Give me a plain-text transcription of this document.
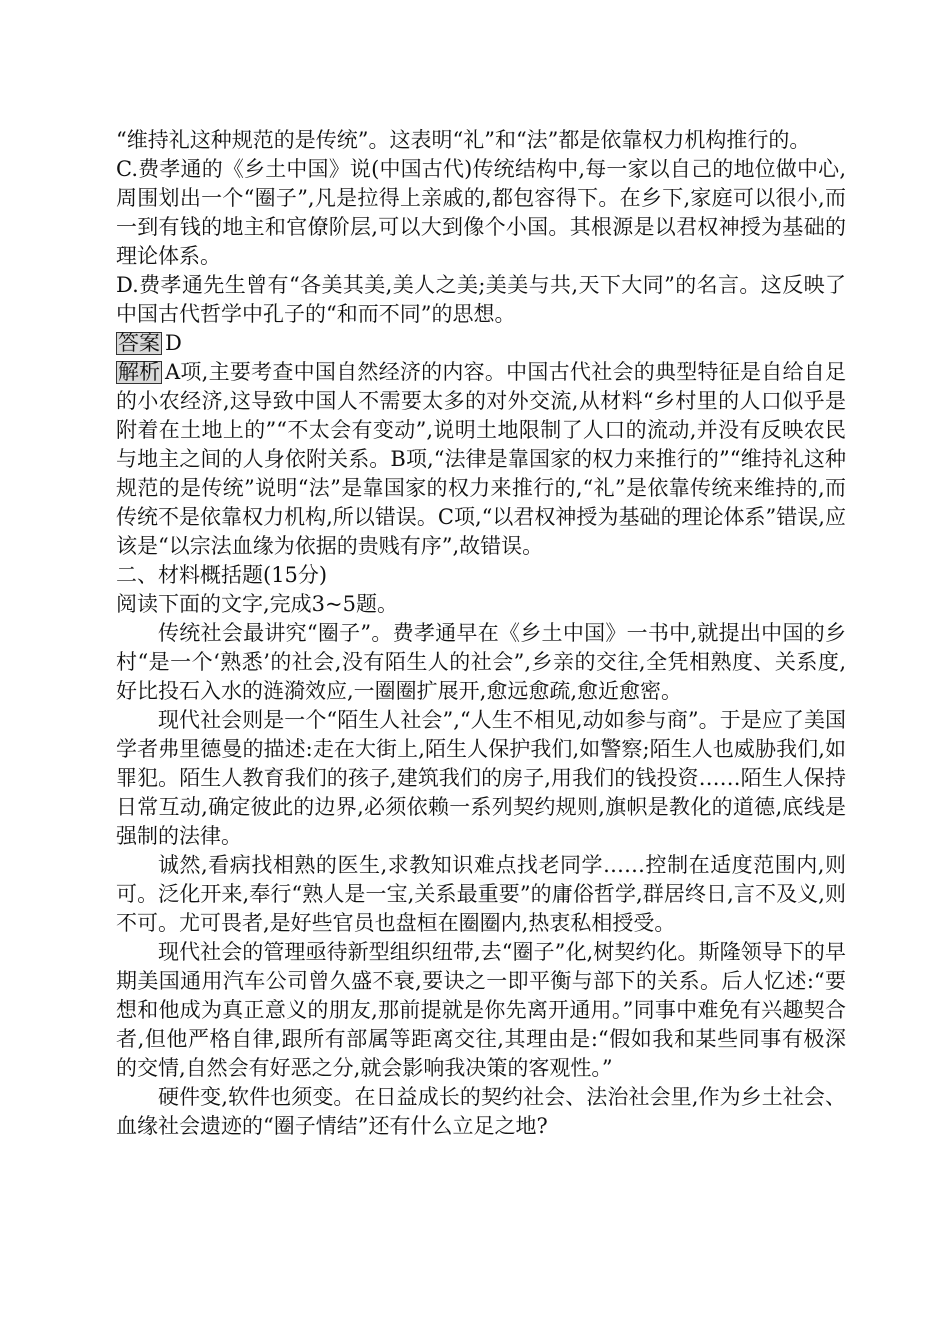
“维持礼这种规范的是传统”。这表明“礼”和“法”都是依靠权力机构推行的。

C.费孝通的《乡土中国》说(中国古代)传统结构中,每一家以自己的地位做中心,周围划出一个“圈子”,凡是拉得上亲戚的,都包容得下。在乡下,家庭可以很小,而一到有钱的地主和官僚阶层,可以大到像个小国。其根源是以君权神授为基础的理论体系。

D.费孝通先生曾有“各美其美,美人之美;美美与共,天下大同”的名言。这反映了中国古代哲学中孔子的“和而不同”的思想。

答案 D

解析 A项,主要考查中国自然经济的内容。中国古代社会的典型特征是自给自足的小农经济,这导致中国人不需要太多的对外交流,从材料“乡村里的人口似乎是附着在土地上的”“不太会有变动”,说明土地限制了人口的流动,并没有反映农民与地主之间的人身依附关系。B项,“法律是靠国家的权力来推行的”“维持礼这种规范的是传统”说明“法”是靠国家的权力来推行的,“礼”是依靠传统来维持的,而传统不是依靠权力机构,所以错误。C项,“以君权神授为基础的理论体系”错误,应该是“以宗法血缘为依据的贵贱有序”,故错误。

二、材料概括题(15分)

阅读下面的文字,完成3~5题。

传统社会最讲究“圈子”。费孝通早在《乡土中国》一书中,就提出中国的乡村“是一个‘熟悉’的社会,没有陌生人的社会”,乡亲的交往,全凭相熟度、关系度,好比投石入水的涟漪效应,一圈圈扩展开,愈远愈疏,愈近愈密。

现代社会则是一个“陌生人社会”,“人生不相见,动如参与商”。于是应了美国学者弗里德曼的描述:走在大街上,陌生人保护我们,如警察;陌生人也威胁我们,如罪犯。陌生人教育我们的孩子,建筑我们的房子,用我们的钱投资……陌生人保持日常互动,确定彼此的边界,必须依赖一系列契约规则,旗帜是教化的道德,底线是强制的法律。

诚然,看病找相熟的医生,求教知识难点找老同学……控制在适度范围内,则可。泛化开来,奉行“熟人是一宝,关系最重要”的庸俗哲学,群居终日,言不及义,则不可。尤可畏者,是好些官员也盘桓在圈圈内,热衷私相授受。

现代社会的管理亟待新型组织纽带,去“圈子”化,树契约化。斯隆领导下的早期美国通用汽车公司曾久盛不衰,要诀之一即平衡与部下的关系。后人忆述:“要想和他成为真正意义的朋友,那前提就是你先离开通用。”同事中难免有兴趣契合者,但他严格自律,跟所有部属等距离交往,其理由是:“假如我和某些同事有极深的交情,自然会有好恶之分,就会影响我决策的客观性。”

硬件变,软件也须变。在日益成长的契约社会、法治社会里,作为乡土社会、血缘社会遗迹的“圈子情结”还有什么立足之地?
